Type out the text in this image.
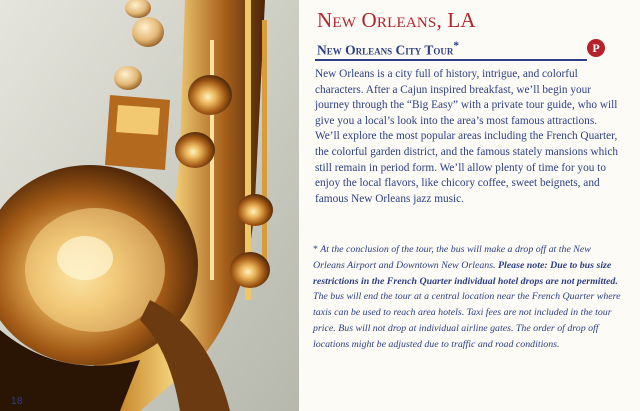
18
New Orleans, LA
New Orleans City Tour*	P

New Orleans is a city full of history, intrigue, and colorful characters. After a Cajun inspired breakfast, we’ll begin your journey through the “Big Easy” with a private tour guide, who will give you a local’s look into the area’s most famous attractions. We’ll explore the most popular areas including the French Quarter, the colorful garden district, and the famous stately mansions which still remain in period form. We’ll allow plenty of time for you to enjoy the local flavors, like chicory coffee, sweet beignets, and famous New Orleans jazz music.

* At the conclusion of the tour, the bus will make a drop off at the New Orleans Airport and Downtown New Orleans. Please note: Due to bus size restrictions in the French Quarter individual hotel drops are not permitted. The bus will end the tour at a central location near the French Quarter where taxis can be used to reach area hotels. Taxi fees are not included in the tour price. Bus will not drop at individual airline gates. The order of drop off locations might be adjusted due to traffic and road conditions.
